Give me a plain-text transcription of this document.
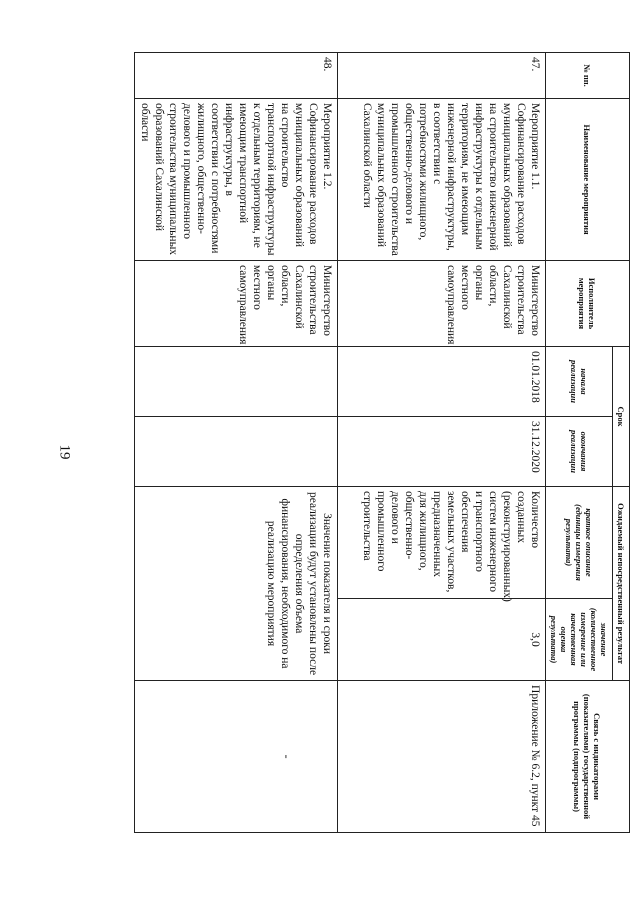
19
№ пп.	Наименование мероприятия	Исполнитель мероприятия	Срок		Ожидаемый непосредственный результат		Связь с индикаторами (показателями) государственной программы (подпрограммы)
			начала реализации	окончания реализации	краткое описание (единицы измерения результата)	значение (количественное измерение или качественная оценка результата)	
47.	Мероприятие 1.1. Софинансирование расходов муниципальных образований на строительство инженерной инфраструктуры к отдельным территориям, не имеющим инженерной инфраструктуры, в соответствии с потребностями жилищного, общественно-делового и промышленного строительства муниципальных образований Сахалинской области	Министерство строительства Сахалинской области, органы местного самоуправления	01.01.2018	31.12.2020	Количество созданных (реконструированных) систем инженерного и транспортного обеспечения земельных участков, предназначенных для жилищного, общественно-делового и промышленного строительства	3,0	Приложение № 6.2, пункт 45
48.	Мероприятие 1.2. Софинансирование расходов муниципальных образований на строительство транспортной инфраструктуры к отдельным территориям, не имеющим транспортной инфраструктуры, в соответствии с потребностями жилищного, общественно-делового и промышленного строительства муниципальных образований Сахалинской области	Министерство строительства Сахалинской области, органы местного самоуправления			Значение показателя и сроки реализации будут установлены после определения объема финансирования, необходимого на реализацию мероприятия		-
